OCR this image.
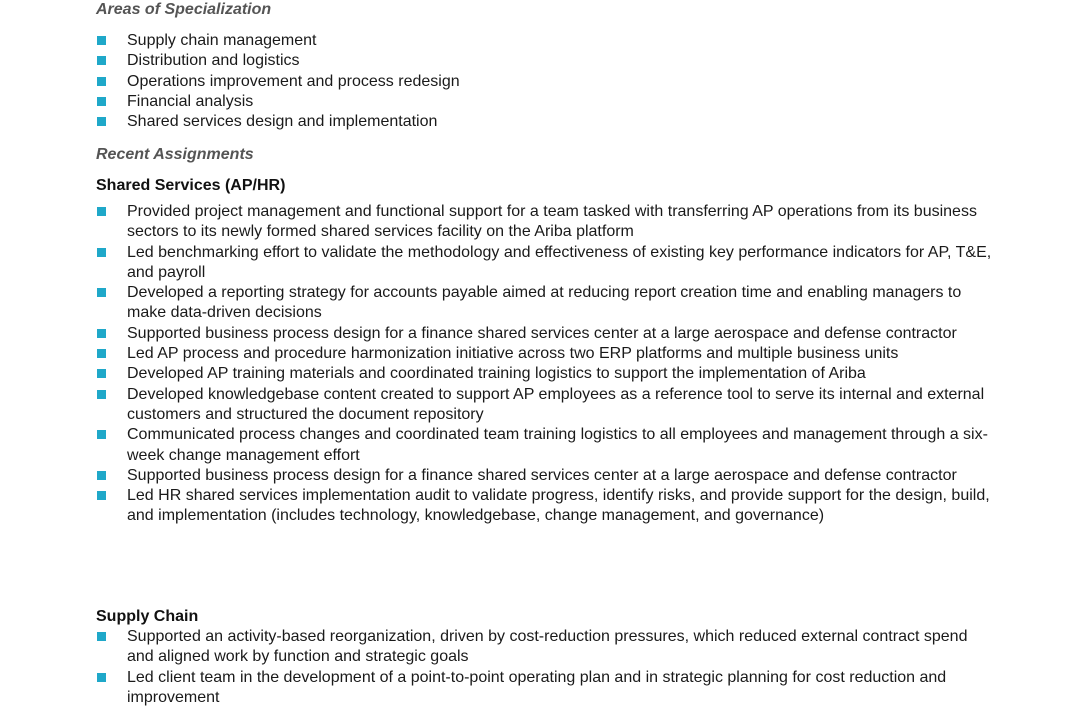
Areas of Specialization
Supply chain management
Distribution and logistics
Operations improvement and process redesign
Financial analysis
Shared services design and implementation
Recent Assignments
Shared Services (AP/HR)
Provided project management and functional support for a team tasked with transferring AP operations from its business sectors to its newly formed shared services facility on the Ariba platform
Led benchmarking effort to validate the methodology and effectiveness of existing key performance indicators for AP, T&E, and payroll
Developed a reporting strategy for accounts payable aimed at reducing report creation time and enabling managers to make data-driven decisions
Supported business process design for a finance shared services center at a large aerospace and defense contractor
Led AP process and procedure harmonization initiative across two ERP platforms and multiple business units
Developed AP training materials and coordinated training logistics to support the implementation of Ariba
Developed knowledgebase content created to support AP employees as a reference tool to serve its internal and external customers and structured the document repository
Communicated process changes and coordinated team training logistics to all employees and management through a six-week change management effort
Supported business process design for a finance shared services center at a large aerospace and defense contractor
Led HR shared services implementation audit to validate progress, identify risks, and provide support for the design, build, and implementation (includes technology, knowledgebase, change management, and governance)
Supply Chain
Supported an activity-based reorganization, driven by cost-reduction pressures, which reduced external contract spend and aligned work by function and strategic goals
Led client team in the development of a point-to-point operating plan and in strategic planning for cost reduction and improvement
